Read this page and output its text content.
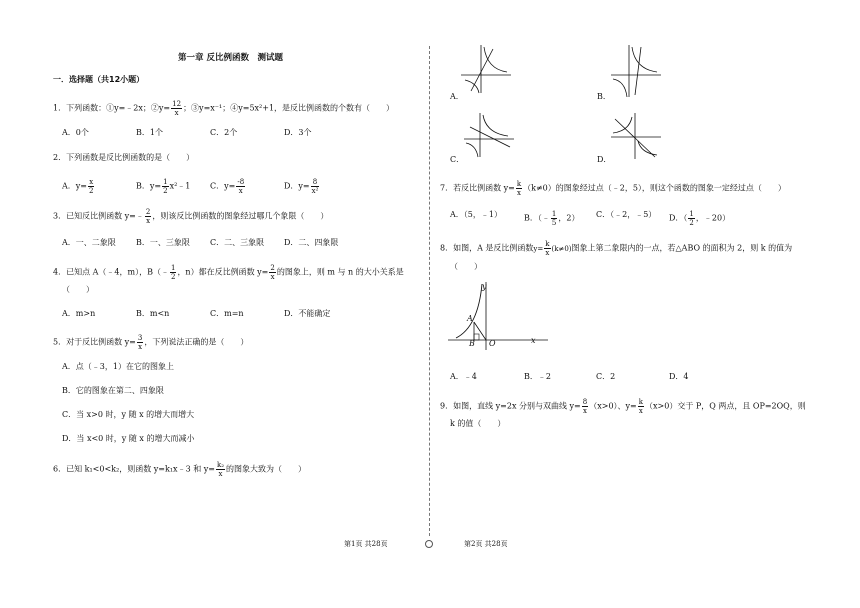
第一章 反比例函数　测试题
一．选择题（共12小题）
1．下列函数：①y=﹣2x；②y= $\frac{12}{x}$ ；③y=x⁻¹；④y=5x²+1，是反比例函数的个数有（　　）
A．0个	B．1个	C．2个	D．3个
2．下列函数是反比例函数的是（　　）
A．$y= \frac{x}{2}$	B．$y= \frac{1}{2}$ x²﹣1 C．$y= \frac{-8}{x}$	D．$y= \frac{8}{\text{x²}}$
3．已知反比例函数 y=﹣ $\frac{2}{x}$ ，则该反比例函数的图象经过哪几个象限（　　）
A．一、二象限	B．一、三象限	C．二、三象限 D．二、四象限
4．已知点 A（﹣4，m），B（﹣ $\frac{1}{2}$ ，n）都在反比例函数 $y= \frac{2}{x}$ 的图象上，则 m 与 n 的大小关系是
（　　）
A．m>n	B．m<n	C．m=n	D．不能确定
5．对于反比例函数 $y= \frac{3}{x}$ ，下列说法正确的是（　　）
A．点（﹣3，1）在它的图象上
B．它的图象在第二、四象限
C．当 x>0 时，y 随 x 的增大而增大
D．当 x<0 时，y 随 x 的增大而减小
6．已知 k₁<0<k₂，则函数 y=k₁x﹣3 和 $y= \frac{\text{k₂}}{x}$ 的图象大致为（　　）
第1页 共28页
A．	B．
C．	D．
7．若反比例函数 $y= \frac{k}{x} (k\ne 0)$的图象经过点（﹣2，5），则这个函数的图象一定经过点（　　）
A．（5，﹣1）	B．（﹣ $\frac{1}{5}$ ，2） C．（﹣2，﹣5） D．（ $\frac{1}{2}$ ，﹣20）
8．如图，A 是反比例函数$y= \frac{k}{x} (k\ne 0)$图象上第二象限内的一点，若△ABO 的面积为 2，则 k 的值为
（　　）
y
x
A
B O
A．﹣4	B．﹣2	C．2	D．4
9．如图，直线 y=2x 分别与双曲线 $y= \frac{8}{x} (x>0)$、$y= \frac{k}{x} (x>0)$交于 P，Q 两点，且 OP=2OQ，则
k 的值（　　）
第2页 共28页
